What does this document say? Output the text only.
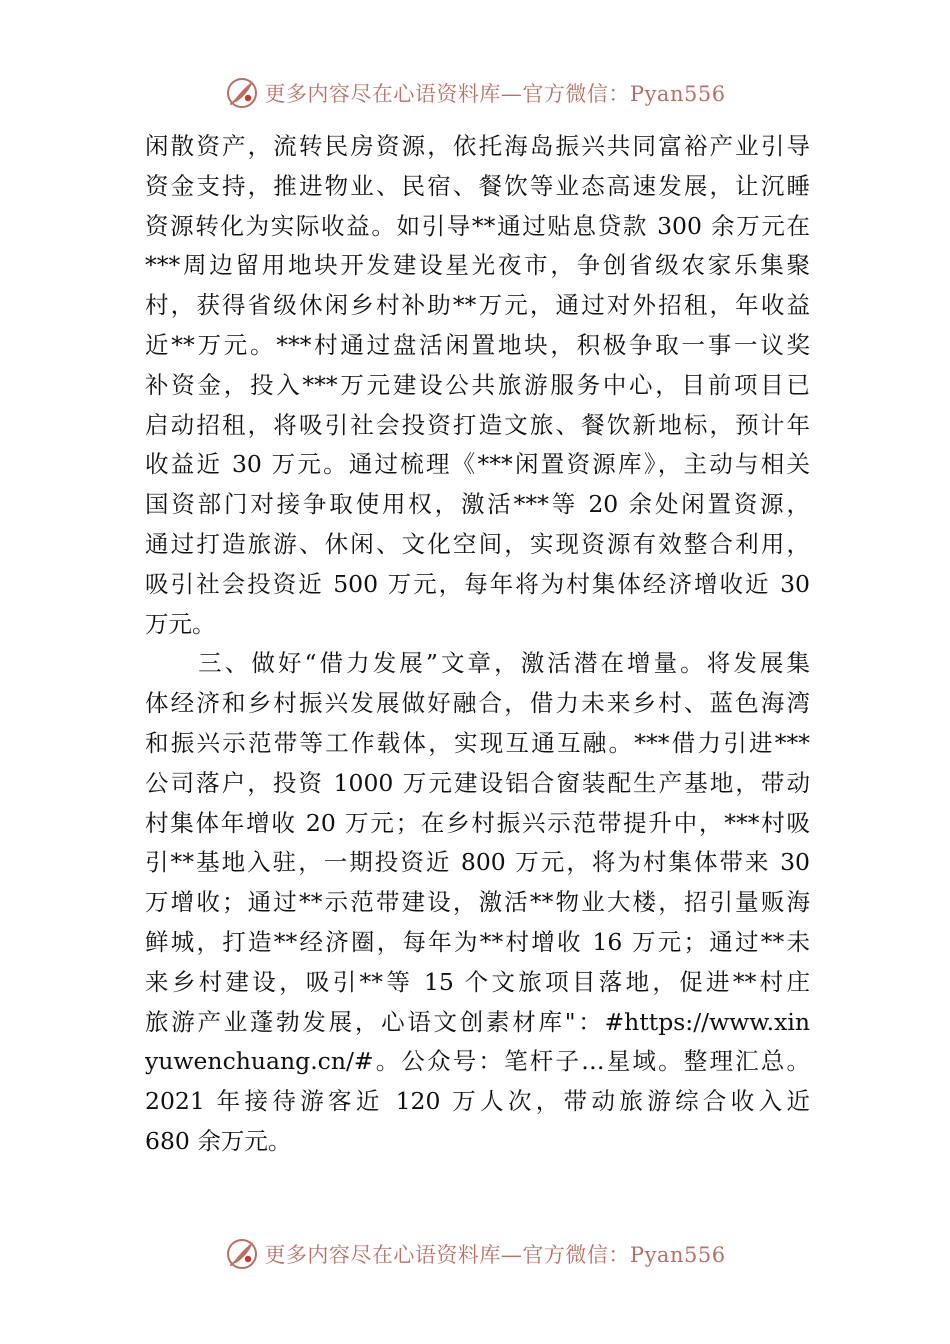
更多内容尽在心语资料库—官方微信：Pyan556
闲散资产，流转民房资源，依托海岛振兴共同富裕产业引导
资金支持，推进物业、民宿、餐饮等业态高速发展，让沉睡
资源转化为实际收益。如引导**通过贴息贷款 300 余万元在
***周边留用地块开发建设星光夜市，争创省级农家乐集聚
村，获得省级休闲乡村补助**万元，通过对外招租，年收益
近**万元。***村通过盘活闲置地块，积极争取一事一议奖
补资金，投入***万元建设公共旅游服务中心，目前项目已
启动招租，将吸引社会投资打造文旅、餐饮新地标，预计年
收益近 30 万元。通过梳理《***闲置资源库》，主动与相关
国资部门对接争取使用权，激活***等 20 余处闲置资源，
通过打造旅游、休闲、文化空间，实现资源有效整合利用，
吸引社会投资近 500 万元，每年将为村集体经济增收近 30
万元。
　　三、做好“借力发展”文章，激活潜在增量。将发展集
体经济和乡村振兴发展做好融合，借力未来乡村、蓝色海湾
和振兴示范带等工作载体，实现互通互融。***借力引进***
公司落户，投资 1000 万元建设铝合窗装配生产基地，带动
村集体年增收 20 万元；在乡村振兴示范带提升中，***村吸
引**基地入驻，一期投资近 800 万元，将为村集体带来 30
万增收；通过**示范带建设，激活**物业大楼，招引量贩海
鲜城，打造**经济圈，每年为**村增收 16 万元；通过**未
来乡村建设，吸引**等 15 个文旅项目落地，促进**村庄
旅游产业蓬勃发展，心语文创素材库"：#https://www.xin
yuwenchuang.cn/#。公众号：笔杆子…星域。整理汇总。
2021 年接待游客近 120 万人次，带动旅游综合收入近
680 余万元。
更多内容尽在心语资料库—官方微信：Pyan556
